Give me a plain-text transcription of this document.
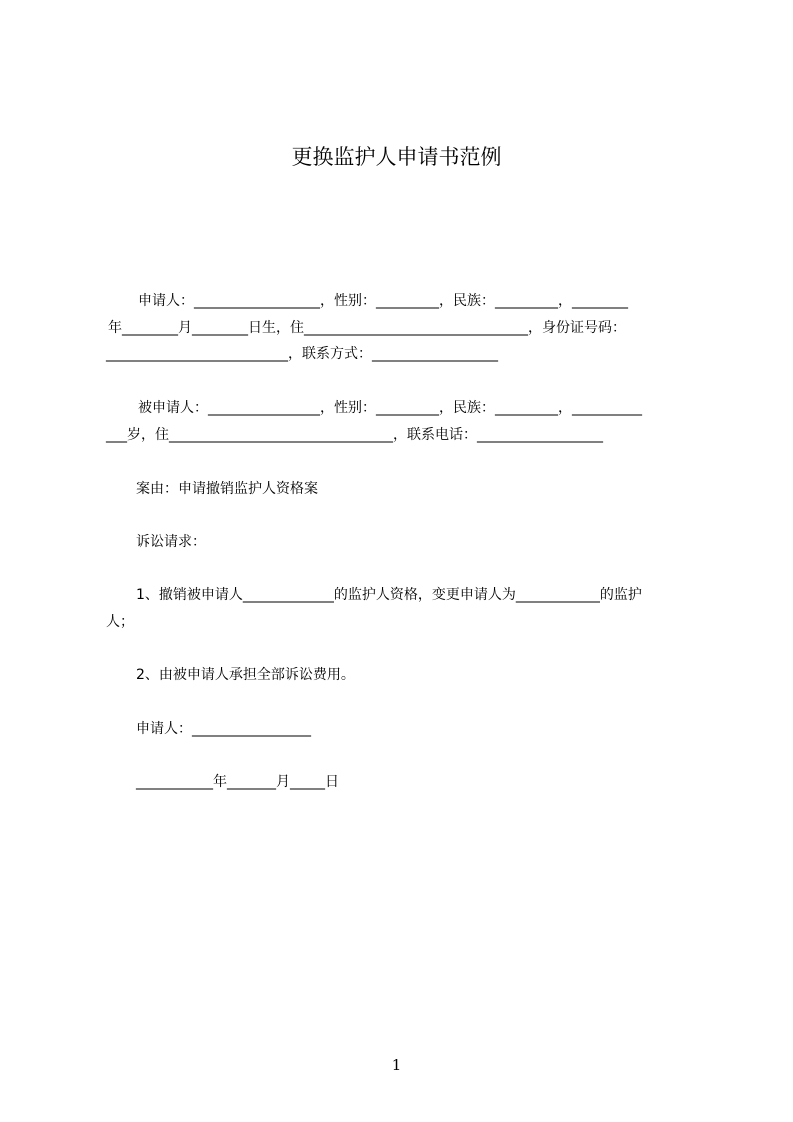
更换监护人申请书范例
申请人：__________________，性别：_________，民族：_________，________
年________月________日生，住________________________________，身份证号码：
__________________________，联系方式：__________________
被申请人：________________，性别：_________，民族：_________，__________
___岁，住________________________________，联系电话：__________________
案由：申请撤销监护人资格案
诉讼请求：
1、撤销被申请人_____________的监护人资格，变更申请人为____________的监护
人；
2、由被申请人承担全部诉讼费用。
申请人：_________________
___________年_______月_____日
1
